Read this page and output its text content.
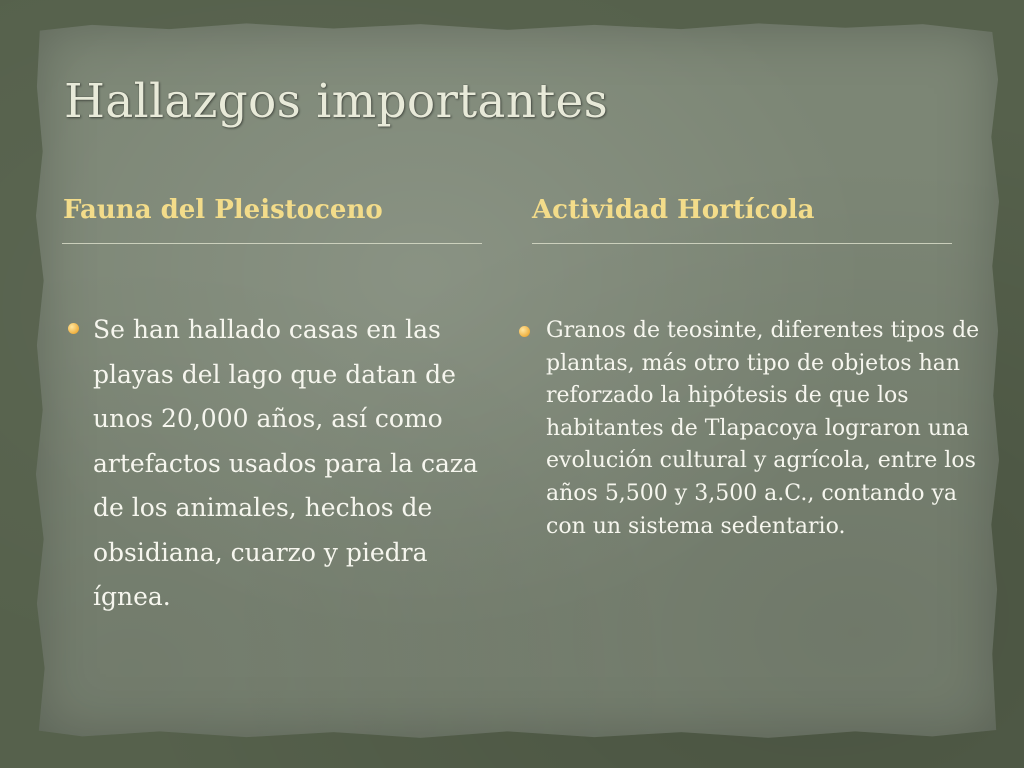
Hallazgos importantes
Fauna del Pleistoceno	Actividad Hortícola
Se han hallado casas en las playas del lago que datan de unos 20,000 años, así como artefactos usados para la caza de los animales, hechos de obsidiana, cuarzo y piedra ígnea.
Granos de teosinte, diferentes tipos de plantas, más otro tipo de objetos han reforzado la hipótesis de que los habitantes de Tlapacoya lograron una evolución cultural y agrícola, entre los años 5,500 y 3,500 a.C., contando ya con un sistema sedentario.
